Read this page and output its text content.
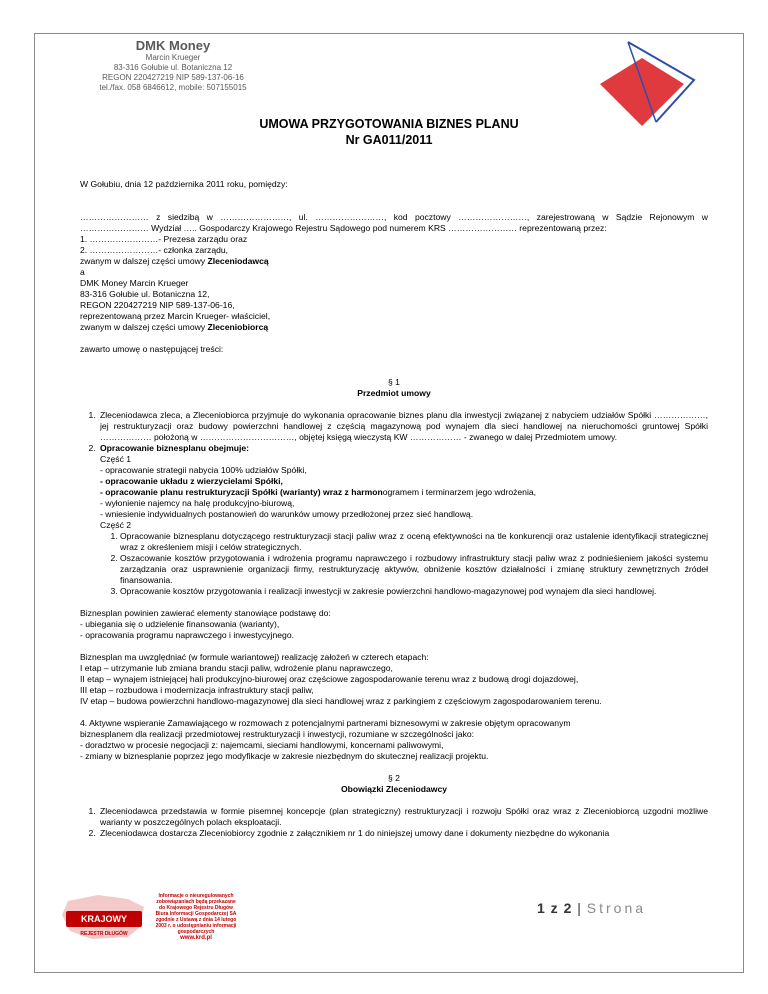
DMK Money
Marcin Krueger
83-316 Gołubie ul. Botaniczna 12
REGON 220427219 NIP 589-137-06-16
tel./fax. 058 6846612, mobile: 507155015
UMOWA PRZYGOTOWANIA BIZNES PLANU
Nr GA011/2011

W Gołubiu, dnia 12 października 2011 roku, pomiędzy:

…………………… z siedzibą w ……………………, ul. ……………………, kod pocztowy ……………………, zarejestrowaną w Sądzie Rejonowym w …………………… Wydział ….. Gospodarczy Krajowego Rejestru Sądowego pod numerem KRS …………………… reprezentowaną przez:

1. ……………………- Prezesa zarządu oraz

2. ……………………- członka zarządu,

zwanym w dalszej części umowy Zleceniodawcą

a

DMK Money Marcin Krueger

83-316 Gołubie ul. Botaniczna 12,

REGON 220427219 NIP 589-137-06-16,

reprezentowaną przez Marcin Krueger- właściciel,

zwanym w dalszej części umowy Zleceniobiorcą

zawarto umowę o następującej treści:

§ 1

Przedmiot umowy

1. Zleceniodawca zleca, a Zleceniobiorca przyjmuje do wykonania opracowanie biznes planu dla inwestycji związanej z nabyciem udziałów Spółki ………………, jej restrukturyzacji oraz budowy powierzchni handlowej z częścią magazynową pod wynajem dla sieci handlowej na nieruchomości gruntowej Spółki ……………… położoną w ……………………………, objętej księgą wieczystą KW ……………… - zwanego w dalej Przedmiotem umowy.
2. Opracowanie biznesplanu obejmuje:

Część 1

- opracowanie strategii nabycia 100% udziałów Spółki,

- opracowanie układu z wierzycielami Spółki,

- opracowanie planu restrukturyzacji Spółki (warianty) wraz z harmonogramem i terminarzem jego wdrożenia,

- wyłonienie najemcy na halę produkcyjno-biurową,

- wniesienie indywidualnych postanowień do warunków umowy przedłożonej przez sieć handlową.

Część 2

1. Opracowanie biznesplanu dotyczącego restrukturyzacji stacji paliw wraz z oceną efektywności na tle konkurencji oraz ustalenie identyfikacji strategicznej wraz z określeniem misji i celów strategicznych.
2. Oszacowanie kosztów przygotowania i wdrożenia programu naprawczego i rozbudowy infrastruktury stacji paliw wraz z podnieśieniem jakości systemu zarządzania oraz usprawnienie organizacji firmy, restrukturyzację aktywów, obniżenie kosztów działalności i zmianę struktury zewnętrznych źródeł finansowania.
3. Opracowanie kosztów przygotowania i realizacji inwestycji w zakresie powierzchni handlowo-magazynowej pod wynajem dla sieci handlowej.

Biznesplan powinien zawierać elementy stanowiące podstawę do:

- ubiegania się o udzielenie finansowania (warianty),

- opracowania programu naprawczego i inwestycyjnego.

Biznesplan ma uwzględniać (w formule wariantowej) realizację założeń w czterech etapach:

I etap – utrzymanie lub zmiana brandu stacji paliw, wdrożenie planu naprawczego,

II etap – wynajem istniejącej hali produkcyjno-biurowej oraz częściowe zagospodarowanie terenu wraz z budową drogi dojazdowej,

III etap – rozbudowa i modernizacja infrastruktury stacji paliw,

IV etap – budowa powierzchni handlowo-magazynowej dla sieci handlowej wraz z parkingiem z częściowym zagospodarowaniem terenu.

4. Aktywne wspieranie Zamawiającego w rozmowach z potencjalnymi partnerami biznesowymi w zakresie objętym opracowanym

biznesplanem dla realizacji przedmiotowej restrukturyzacji i inwestycji, rozumiane w szczególności jako:

- doradztwo w procesie negocjacji z: najemcami, sieciami handlowymi, koncernami paliwowymi,

- zmiany w biznesplanie poprzez jego modyfikacje w zakresie niezbędnym do skutecznej realizacji projektu.

§ 2

Obowiązki Zleceniodawcy

1. Zleceniodawca przedstawia w formie pisemnej koncepcje (plan strategiczny) restrukturyzacji i rozwoju Spółki oraz wraz z Zleceniobiorcą uzgodni możliwe warianty w poszczególnych polach eksploatacji.
2. Zleceniodawca dostarcza Zleceniobiorcy zgodnie z załącznikiem nr 1 do niniejszej umowy dane i dokumenty niezbędne do wykonania
1 z 2 | Strona
KRAJOWY
REJESTR DŁUGÓW
Informacje o nieuregulowanych zobowiązaniach będą przekazane do Krajowego Rejestru Długów Biura Informacji Gospodarczej SA zgodnie z Ustawą z dnia 14 lutego 2003 r. o udostępnianiu informacji gospodarczych
www.krd.pl
